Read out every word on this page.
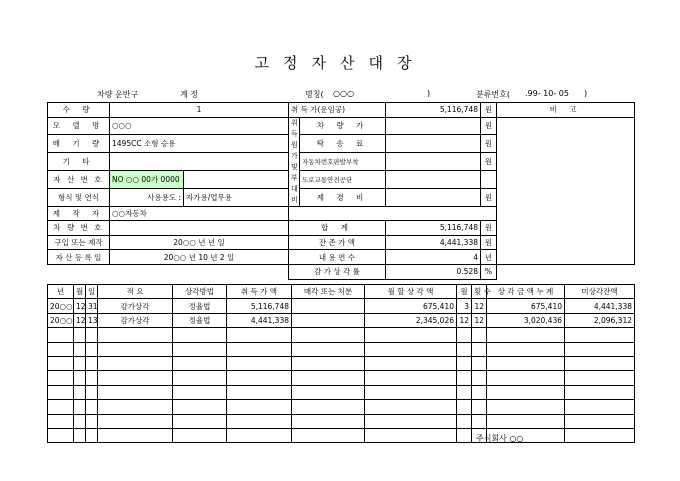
고정자산대장
차량 운반구	계 정	명칭( ○○○	)	분류번호( .99- 10- 05 )
수 량	1		취 득 가(운임공)		5,116,748	원	비 고
모 델 명	○○○		취득원가및부대비	차 량 가		원	
배 기 량	1495CC 소형 승용			탁 송 료		원	
기 타				자동차번호판발부착		원	
자 산 번 호	NO ○○ 00가 0000			도로교통안전공단			
형식 및 연식	사용용도 :	자가용/업무용		제 경 비		원	
제 작 자	○○자동차						
차 량 번 호			합 계		5,116,748	원	
구입 또는 제작	20○○ 년 년 일		잔 존 가 액		4,441,338	원	
자 산 등 록 일	20○○ 년 10 년 2 일		내 용 연 수		4	년	
			감 가 상 각 률		0.528	%	
년	월	일	적 요	상각방법	취 득 가 액	매각 또는 처분	월 할 상 각 액	월	횟 수	상 각 금 액 누 계	미상각잔액
20○○	12	31	감가상각	정율법	5,116,748		675,410	3	12	675,410	4,441,338
20○○	12	13	감가상각	정율법	4,441,338		2,345,026	12	12	3,020,436	2,096,312

주식회사 ○○
